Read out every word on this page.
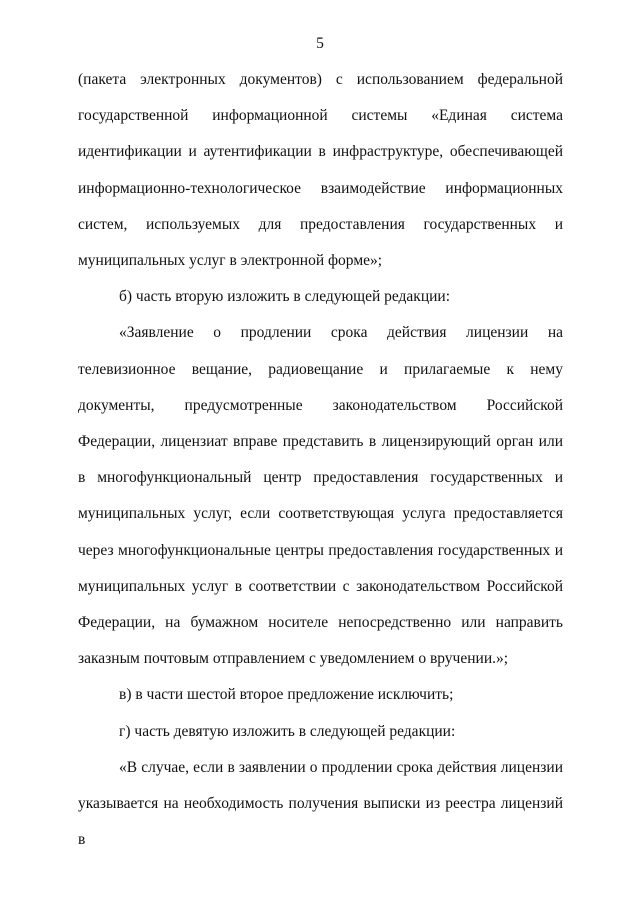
5

(пакета электронных документов) с использованием федеральной государственной информационной системы «Единая система идентификации и аутентификации в инфраструктуре, обеспечивающей информационно-технологическое взаимодействие информационных систем, используемых для предоставления государственных и муниципальных услуг в электронной форме»;

б) часть вторую изложить в следующей редакции:

«Заявление о продлении срока действия лицензии на телевизионное вещание, радиовещание и прилагаемые к нему документы, предусмотренные законодательством Российской Федерации, лицензиат вправе представить в лицензирующий орган или в многофункциональный центр предоставления государственных и муниципальных услуг, если соответствующая услуга предоставляется через многофункциональные центры предоставления государственных и муниципальных услуг в соответствии с законодательством Российской Федерации, на бумажном носителе непосредственно или направить заказным почтовым отправлением с уведомлением о вручении.»;

в) в части шестой второе предложение исключить;

г) часть девятую изложить в следующей редакции:

«В случае, если в заявлении о продлении срока действия лицензии указывается на необходимость получения выписки из реестра лицензий в
